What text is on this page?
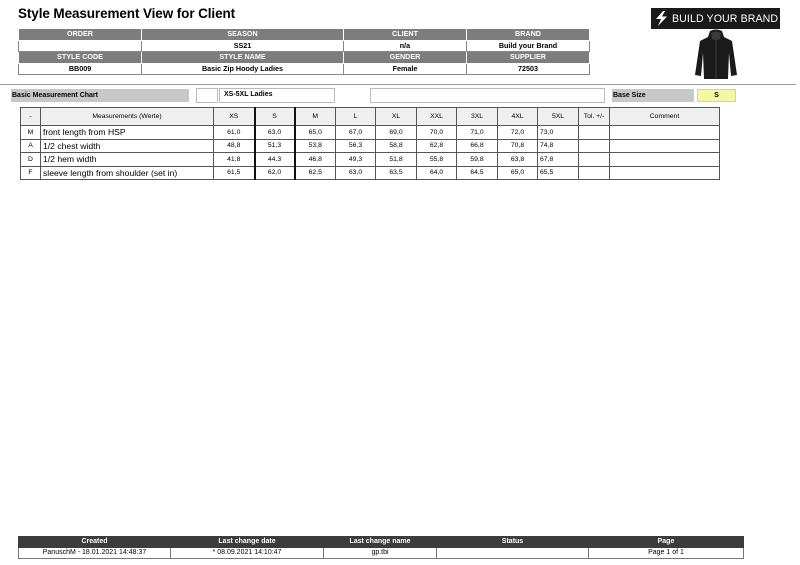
Style Measurement View for Client
ORDER	SEASON	CLIENT	BRAND
	SS21	n/a	Build your Brand
STYLE CODE	STYLE NAME	GENDER	SUPPLIER
BB009	Basic Zip Hoody Ladies	Female	72503
BUILD YOUR BRAND
Basic Measurement Chart	XS-5XL Ladies	Base Size	S
-	Measurements (Werte)	XS	S	M	L	XL	XXL	3XL	4XL	5XL	Tol. +/-	Comment
M	front length from HSP	61,0	63,0	65,0	67,0	69,0	70,0	71,0	72,0	73,0		
A	1/2 chest width	48,8	51,3	53,8	56,3	58,8	62,8	66,8	70,8	74,8		
D	1/2 hem width	41,8	44,3	46,8	49,3	51,8	55,8	59,8	63,8	67,8		
F	sleeve length from shoulder (set in)	61,5	62,0	62,5	63,0	63,5	64,0	64,5	65,0	65,5		
Created	Last change date	Last change name	Status	Page
PanuschM - 18.01.2021 14:48:37	* 08.09.2021 14:10:47	gp.tbi		Page 1 of 1
